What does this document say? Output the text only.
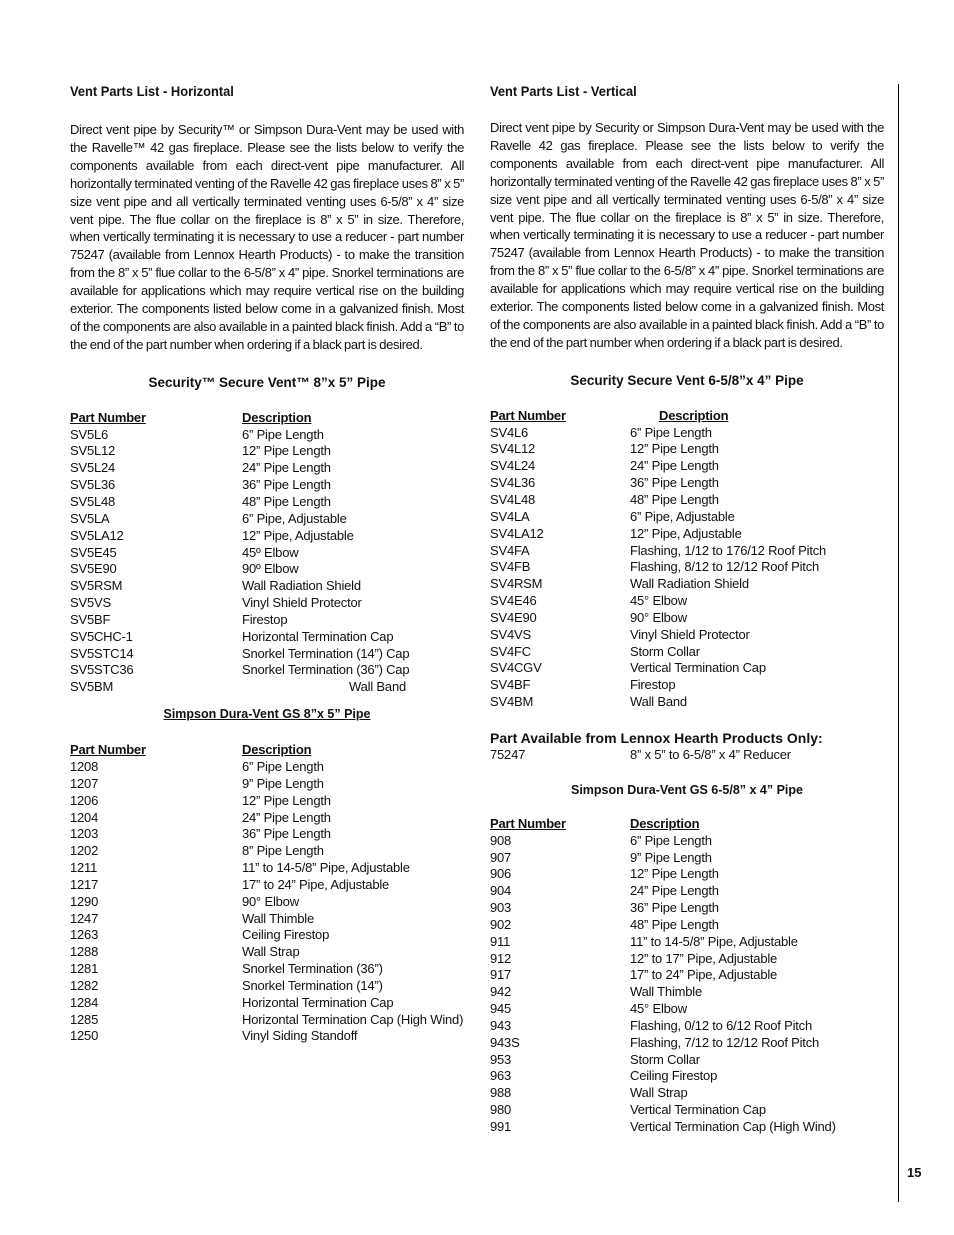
Vent Parts List - Horizontal

Direct vent pipe by Security™ or Simpson Dura-Vent may be used with the Ravelle™ 42 gas fireplace. Please see the lists below to verify the components available from each direct-vent pipe manufacturer. All horizontally terminated venting of the Ravelle 42 gas fireplace uses 8” x 5” size vent pipe and all vertically terminated venting uses 6-5/8” x 4” size vent pipe. The flue collar on the fireplace is 8” x 5” in size. Therefore, when vertically terminating it is necessary to use a reducer - part number 75247 (available from Lennox Hearth Products) - to make the transition from the 8” x 5” flue collar to the 6-5/8” x 4” pipe. Snorkel terminations are available for applications which may require vertical rise on the building exterior. The components listed below come in a galvanized finish. Most of the components are also available in a painted black finish. Add a “B” to the end of the part number when ordering if a black part is desired.

Security™ Secure Vent™ 8”x 5” Pipe

Part Number	Description
SV5L6	6” Pipe Length
SV5L12	12” Pipe Length
SV5L24	24” Pipe Length
SV5L36	36” Pipe Length
SV5L48	48” Pipe Length
SV5LA	6” Pipe, Adjustable
SV5LA12	12” Pipe, Adjustable
SV5E45	45º Elbow
SV5E90	90º Elbow
SV5RSM	Wall Radiation Shield
SV5VS	Vinyl Shield Protector
SV5BF	Firestop
SV5CHC-1	Horizontal Termination Cap
SV5STC14	Snorkel Termination (14”) Cap
SV5STC36	Snorkel Termination (36”) Cap
SV5BM	Wall Band

Simpson Dura-Vent GS 8”x 5” Pipe

Part Number	Description
1208	6” Pipe Length
1207	9” Pipe Length
1206	12” Pipe Length
1204	24” Pipe Length
1203	36” Pipe Length
1202	8” Pipe Length
1211	11” to 14-5/8” Pipe, Adjustable
1217	17” to 24” Pipe, Adjustable
1290	90° Elbow
1247	Wall Thimble
1263	Ceiling Firestop
1288	Wall Strap
1281	Snorkel Termination (36”)
1282	Snorkel Termination (14”)
1284	Horizontal Termination Cap
1285	Horizontal Termination Cap (High Wind)
1250	Vinyl Siding Standoff
Vent Parts List - Vertical

Direct vent pipe by Security or Simpson Dura-Vent may be used with the Ravelle 42 gas fireplace. Please see the lists below to verify the components available from each direct-vent pipe manufacturer. All horizontally terminated venting of the Ravelle 42 gas fireplace uses 8” x 5” size vent pipe and all vertically terminated venting uses 6-5/8” x 4” size vent pipe. The flue collar on the fireplace is 8” x 5” in size. Therefore, when vertically terminating it is necessary to use a reducer - part number 75247 (available from Lennox Hearth Products) - to make the transition from the 8” x 5” flue collar to the 6-5/8” x 4” pipe. Snorkel terminations are available for applications which may require vertical rise on the building exterior. The components listed below come in a galvanized finish. Most of the components are also available in a painted black finish. Add a “B” to the end of the part number when ordering if a black part is desired.

Security Secure Vent 6-5/8”x 4” Pipe

Part Number	Description
SV4L6	6” Pipe Length
SV4L12	12” Pipe Length
SV4L24	24” Pipe Length
SV4L36	36” Pipe Length
SV4L48	48” Pipe Length
SV4LA	6” Pipe, Adjustable
SV4LA12	12” Pipe, Adjustable
SV4FA	Flashing, 1/12 to 176/12 Roof Pitch
SV4FB	Flashing, 8/12 to 12/12 Roof Pitch
SV4RSM	Wall Radiation Shield
SV4E46	45° Elbow
SV4E90	90° Elbow
SV4VS	Vinyl Shield Protector
SV4FC	Storm Collar
SV4CGV	Vertical Termination Cap
SV4BF	Firestop
SV4BM	Wall Band

Part Available from Lennox Hearth Products Only:

75247	8” x 5” to 6-5/8” x 4” Reducer

Simpson Dura-Vent GS 6-5/8” x 4” Pipe

Part Number	Description
908	6” Pipe Length
907	9” Pipe Length
906	12” Pipe Length
904	24” Pipe Length
903	36” Pipe Length
902	48” Pipe Length
911	11” to 14-5/8” Pipe, Adjustable
912	12” to 17” Pipe, Adjustable
917	17” to 24” Pipe, Adjustable
942	Wall Thimble
945	45° Elbow
943	Flashing, 0/12 to 6/12 Roof Pitch
943S	Flashing, 7/12 to 12/12 Roof Pitch
953	Storm Collar
963	Ceiling Firestop
988	Wall Strap
980	Vertical Termination Cap
991	Vertical Termination Cap (High Wind)
15
